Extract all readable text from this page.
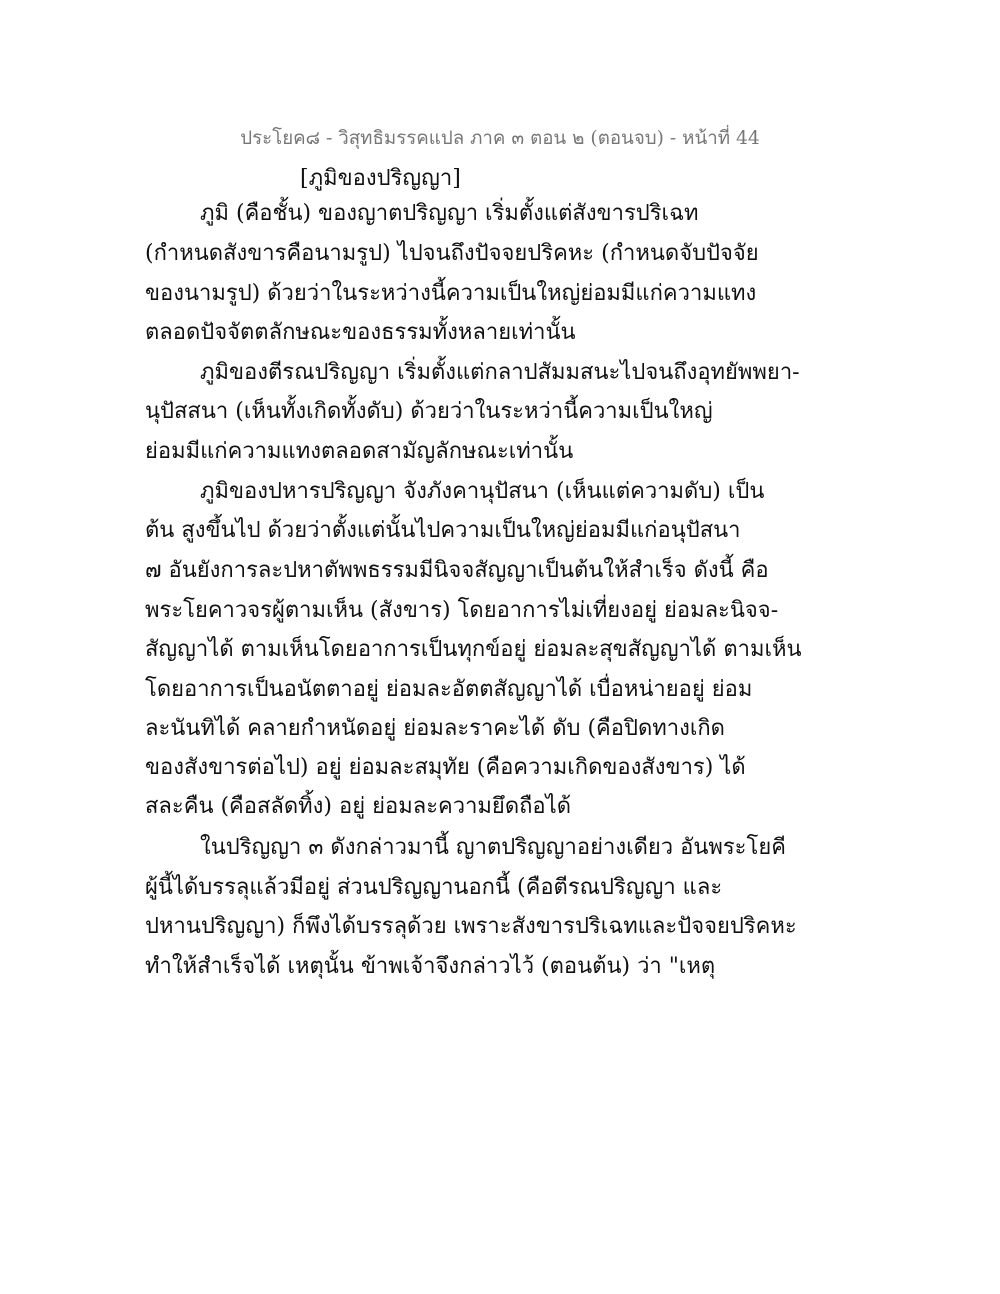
ประโยค๘ - วิสุทธิมรรคแปล ภาค ๓ ตอน ๒ (ตอนจบ) - หน้าที่ 44
[ภูมิของปริญญา]
ภูมิ (คือชั้น) ของญาตปริญญา เริ่มตั้งแต่สังขารปริเฉท
(กำหนดสังขารคือนามรูป) ไปจนถึงปัจจยปริคหะ (กำหนดจับปัจจัย
ของนามรูป) ด้วยว่าในระหว่างนี้ความเป็นใหญ่ย่อมมีแก่ความแทง
ตลอดปัจจัตตลักษณะของธรรมทั้งหลายเท่านั้น
ภูมิของตีรณปริญญา เริ่มตั้งแต่กลาปสัมมสนะไปจนถึงอุทยัพพยา-
นุปัสสนา (เห็นทั้งเกิดทั้งดับ) ด้วยว่าในระหว่านี้ความเป็นใหญ่
ย่อมมีแก่ความแทงตลอดสามัญลักษณะเท่านั้น
ภูมิของปหารปริญญา จังภังคานุปัสนา (เห็นแต่ความดับ) เป็น
ต้น สูงขึ้นไป ด้วยว่าตั้งแต่นั้นไปความเป็นใหญ่ย่อมมีแก่อนุปัสนา
๗ อันยังการละปหาตัพพธรรมมีนิจจสัญญาเป็นต้นให้สำเร็จ ดังนี้ คือ
พระโยคาวจรผู้ตามเห็น (สังขาร) โดยอาการไม่เที่ยงอยู่ ย่อมละนิจจ-
สัญญาได้ ตามเห็นโดยอาการเป็นทุกข์อยู่ ย่อมละสุขสัญญาได้ ตามเห็น
โดยอาการเป็นอนัตตาอยู่ ย่อมละอัตตสัญญาได้ เบื่อหน่ายอยู่ ย่อม
ละนันทิได้ คลายกำหนัดอยู่ ย่อมละราคะได้ ดับ (คือปิดทางเกิด
ของสังขารต่อไป) อยู่ ย่อมละสมุทัย (คือความเกิดของสังขาร) ได้
สละคืน (คือสลัดทิ้ง) อยู่ ย่อมละความยึดถือได้
ในปริญญา ๓ ดังกล่าวมานี้ ญาตปริญญาอย่างเดียว อันพระโยคี
ผู้นี้ได้บรรลุแล้วมีอยู่ ส่วนปริญญานอกนี้ (คือตีรณปริญญา และ
ปหานปริญญา) ก็พึงได้บรรลุด้วย เพราะสังขารปริเฉทและปัจจยปริคหะ
ทำให้สำเร็จได้ เหตุนั้น ข้าพเจ้าจึงกล่าวไว้ (ตอนต้น) ว่า "เหตุ
